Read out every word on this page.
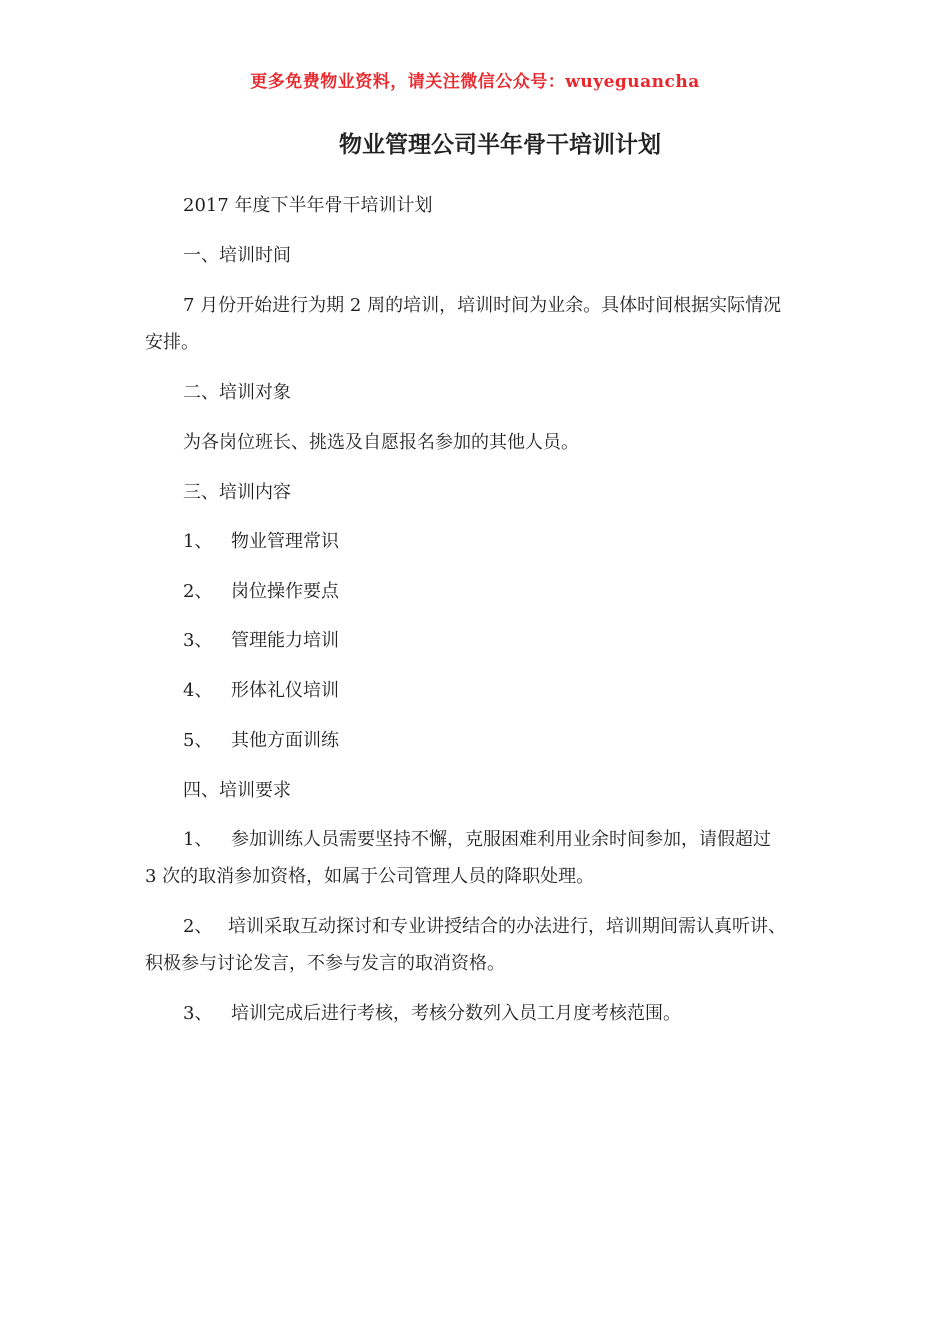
更多免费物业资料，请关注微信公众号：wuyeguancha
物业管理公司半年骨干培训计划
2017 年度下半年骨干培训计划
一、培训时间
7 月份开始进行为期 2 周的培训，培训时间为业余。具体时间根据实际情况
安排。
二、培训对象
为各岗位班长、挑选及自愿报名参加的其他人员。
三、培训内容
1、 物业管理常识
2、 岗位操作要点
3、 管理能力培训
4、 形体礼仪培训
5、 其他方面训练
四、培训要求
1、 参加训练人员需要坚持不懈，克服困难利用业余时间参加，请假超过
3 次的取消参加资格，如属于公司管理人员的降职处理。
2、 培训采取互动探讨和专业讲授结合的办法进行，培训期间需认真听讲、
积极参与讨论发言，不参与发言的取消资格。
3、 培训完成后进行考核，考核分数列入员工月度考核范围。
